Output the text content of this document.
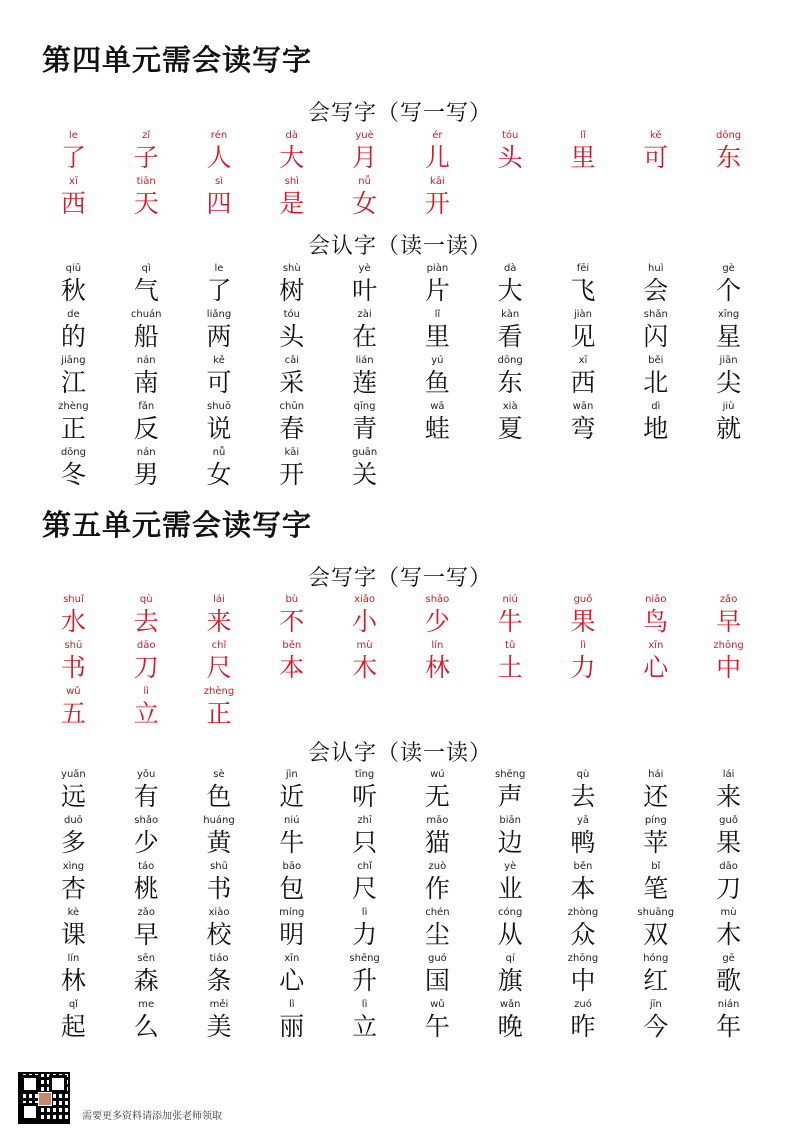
第四单元需会读写字
会写字（写一写）
le
了
zǐ
子
rén
人
dà
大
yuè
月
ér
儿
tóu
头
lǐ
里
kě
可
dōng
东
xī
西
tiān
天
sì
四
shì
是
nǚ
女
kāi
开
会认字（读一读）
qiū
秋
qì
气
le
了
shù
树
yè
叶
piàn
片
dà
大
fēi
飞
huì
会
gè
个
de
的
chuán
船
liǎng
两
tóu
头
zài
在
lǐ
里
kàn
看
jiàn
见
shǎn
闪
xīng
星
jiāng
江
nán
南
kě
可
cǎi
采
lián
莲
yú
鱼
dōng
东
xī
西
běi
北
jiān
尖
zhèng
正
fǎn
反
shuō
说
chūn
春
qīng
青
wā
蛙
xià
夏
wān
弯
dì
地
jiù
就
dōng
冬
nán
男
nǚ
女
kāi
开
guān
关
第五单元需会读写字
会写字（写一写）
shuǐ
水
qù
去
lái
来
bù
不
xiǎo
小
shǎo
少
niú
牛
guǒ
果
niǎo
鸟
zǎo
早
shū
书
dāo
刀
chǐ
尺
běn
本
mù
木
lín
林
tǔ
土
lì
力
xīn
心
zhōng
中
wǔ
五
lì
立
zhèng
正
会认字（读一读）
yuǎn
远
yǒu
有
sè
色
jìn
近
tīng
听
wú
无
shēng
声
qù
去
hái
还
lái
来
duō
多
shǎo
少
huáng
黄
niú
牛
zhī
只
māo
猫
biān
边
yā
鸭
píng
苹
guǒ
果
xìng
杏
táo
桃
shū
书
bāo
包
chǐ
尺
zuò
作
yè
业
běn
本
bǐ
笔
dāo
刀
kè
课
zǎo
早
xiào
校
míng
明
lì
力
chén
尘
cóng
从
zhòng
众
shuāng
双
mù
木
lín
林
sēn
森
tiáo
条
xīn
心
shēng
升
guó
国
qí
旗
zhōng
中
hóng
红
gē
歌
qǐ
起
me
么
měi
美
lì
丽
lì
立
wǔ
午
wǎn
晚
zuó
昨
jīn
今
nián
年
需要更多资料请添加张老师领取
